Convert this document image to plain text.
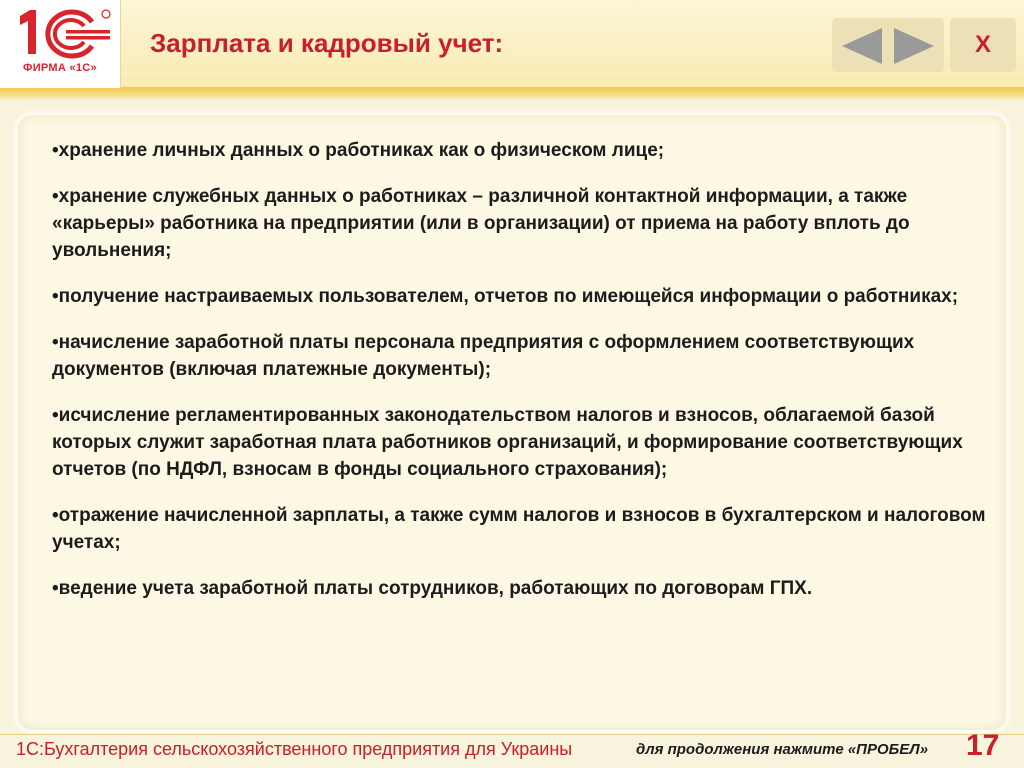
ФИРМА «1С»
Зарплата и кадровый учет:	X
•хранение личных данных о работниках как о физическом лице;
•хранение служебных данных о работниках – различной контактной информации, а также «карьеры» работника на предприятии (или в организации) от приема на работу вплоть до увольнения;
•получение настраиваемых пользователем, отчетов по имеющейся информации о работниках;
•начисление заработной платы персонала предприятия с оформлением соответствующих документов (включая платежные документы);
•исчисление регламентированных законодательством налогов и взносов, облагаемой базой которых служит заработная плата работников организаций, и формирование соответствующих отчетов (по НДФЛ, взносам в фонды социального страхования);
•отражение начисленной зарплаты, а также сумм налогов и взносов в бухгалтерском и налоговом учетах;
•ведение учета заработной платы сотрудников, работающих по договорам ГПХ.
1С:Бухгалтерия сельскохозяйственного предприятия для Украины	для продолжения нажмите «ПРОБЕЛ» 17
